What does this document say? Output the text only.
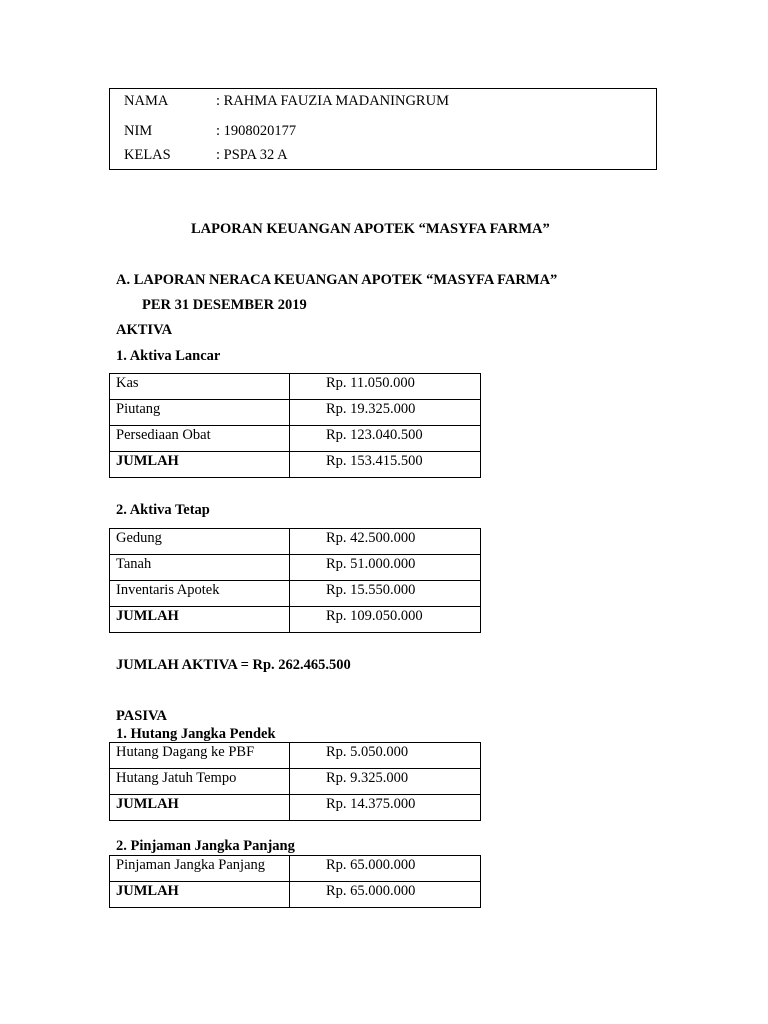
NAMA	: RAHMA FAUZIA MADANINGRUM
NIM	: 1908020177
KELAS	: PSPA 32 A
LAPORAN KEUANGAN APOTEK “MASYFA FARMA”
A. LAPORAN NERACA KEUANGAN APOTEK “MASYFA FARMA”
PER 31 DESEMBER 2019
AKTIVA
1. Aktiva Lancar
Kas	Rp. 11.050.000
Piutang	Rp. 19.325.000
Persediaan Obat	Rp. 123.040.500
JUMLAH	Rp. 153.415.500
2. Aktiva Tetap
Gedung	Rp. 42.500.000
Tanah	Rp. 51.000.000
Inventaris Apotek	Rp. 15.550.000
JUMLAH	Rp. 109.050.000
JUMLAH AKTIVA = Rp. 262.465.500
PASIVA
1. Hutang Jangka Pendek
Hutang Dagang ke PBF	Rp. 5.050.000
Hutang Jatuh Tempo	Rp. 9.325.000
JUMLAH	Rp. 14.375.000
2. Pinjaman Jangka Panjang
Pinjaman Jangka Panjang	Rp. 65.000.000
JUMLAH	Rp. 65.000.000
